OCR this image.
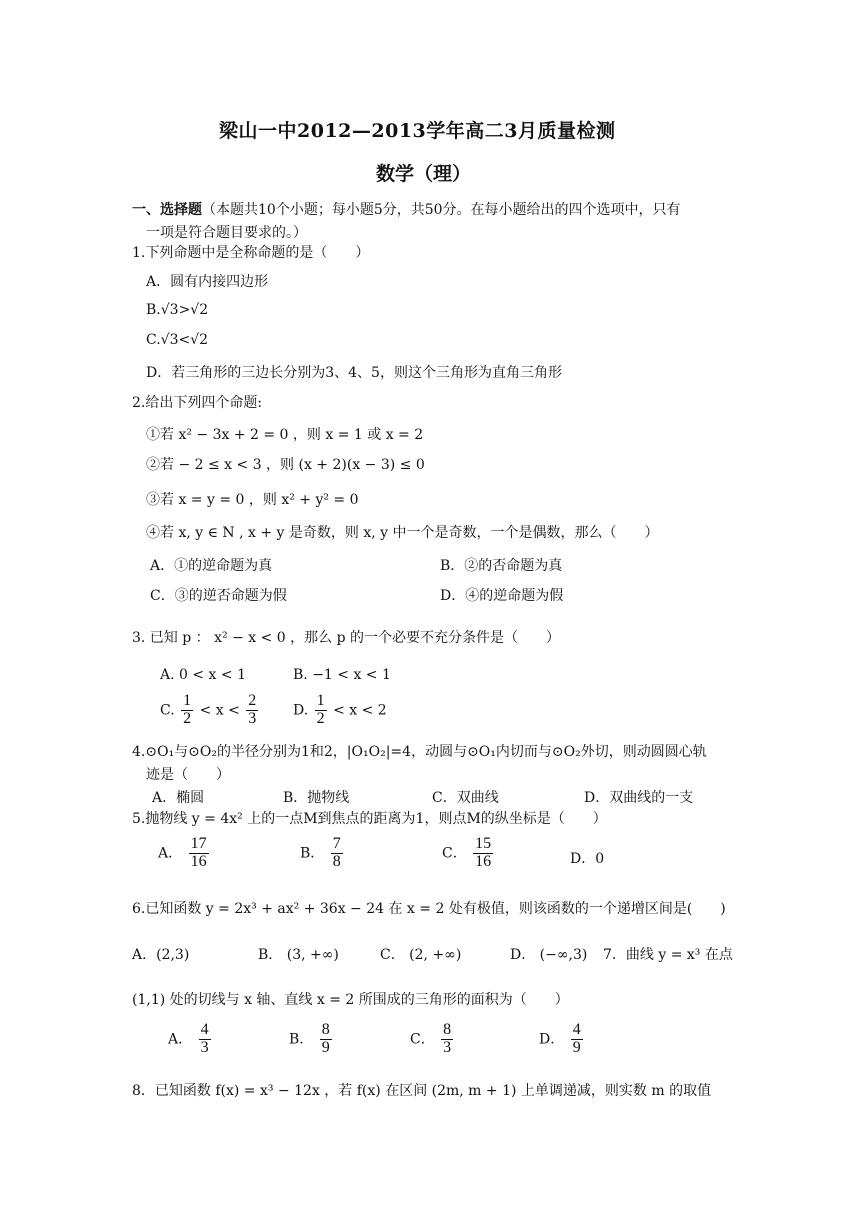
梁山一中2012—2013学年高二3月质量检测
数学（理）
一、选择题（本题共10个小题；每小题5分，共50分。在每小题给出的四个选项中，只有
一项是符合题目要求的。）
1.下列命题中是全称命题的是（　　）
A．圆有内接四边形
B.√3>√2
C.√3<√2
D．若三角形的三边长分别为3、4、5，则这个三角形为直角三角形
2.给出下列四个命题:
①若 x² − 3x + 2 = 0 ，则 x = 1 或 x = 2
②若 − 2 ≤ x < 3 ，则 (x + 2)(x − 3) ≤ 0
③若 x = y = 0 ，则 x² + y² = 0
④若 x, y ∈ N , x + y 是奇数，则 x, y 中一个是奇数，一个是偶数，那么（　　）
A．①的逆命题为真	B．②的否命题为真
C．③的逆否命题为假	D．④的逆命题为假
3. 已知 p ： x² − x < 0 ，那么 p 的一个必要不充分条件是（　　）
A. 0 < x < 1	B. −1 < x < 1
C. $\frac{1}{2} < x < \frac{2}{3} D$. $\frac{1}{2} < x < 2$
4.⊙O₁与⊙O₂的半径分别为1和2，|O₁O₂|=4，动圆与⊙O₁内切而与⊙O₂外切，则动圆圆心轨
迹是（　　）
A．椭圆	B．抛物线	C．双曲线	D．双曲线的一支
5.抛物线 y = 4x² 上的一点M到焦点的距离为1，则点M的纵坐标是（　　）
A． $\frac{17}{16}$	B． $\frac{7}{8}$	C． $\frac{15}{16}$	D．0
6.已知函数 y = 2x³ + ax² + 36x − 24 在 x = 2 处有极值，则该函数的一个递增区间是(　　)
A．(2,3)	B． (3, +∞)	C． (2, +∞)	D． (−∞,3) 7．曲线 y = x³ 在点
(1,1) 处的切线与 x 轴、直线 x = 2 所围成的三角形的面积为（　　）
A． $\frac{4}{3}$	B． $\frac{8}{9}$	C． $\frac{8}{3}$	D． $\frac{4}{9}$
8．已知函数 f(x) = x³ − 12x ，若 f(x) 在区间 (2m, m + 1) 上单调递减，则实数 m 的取值
